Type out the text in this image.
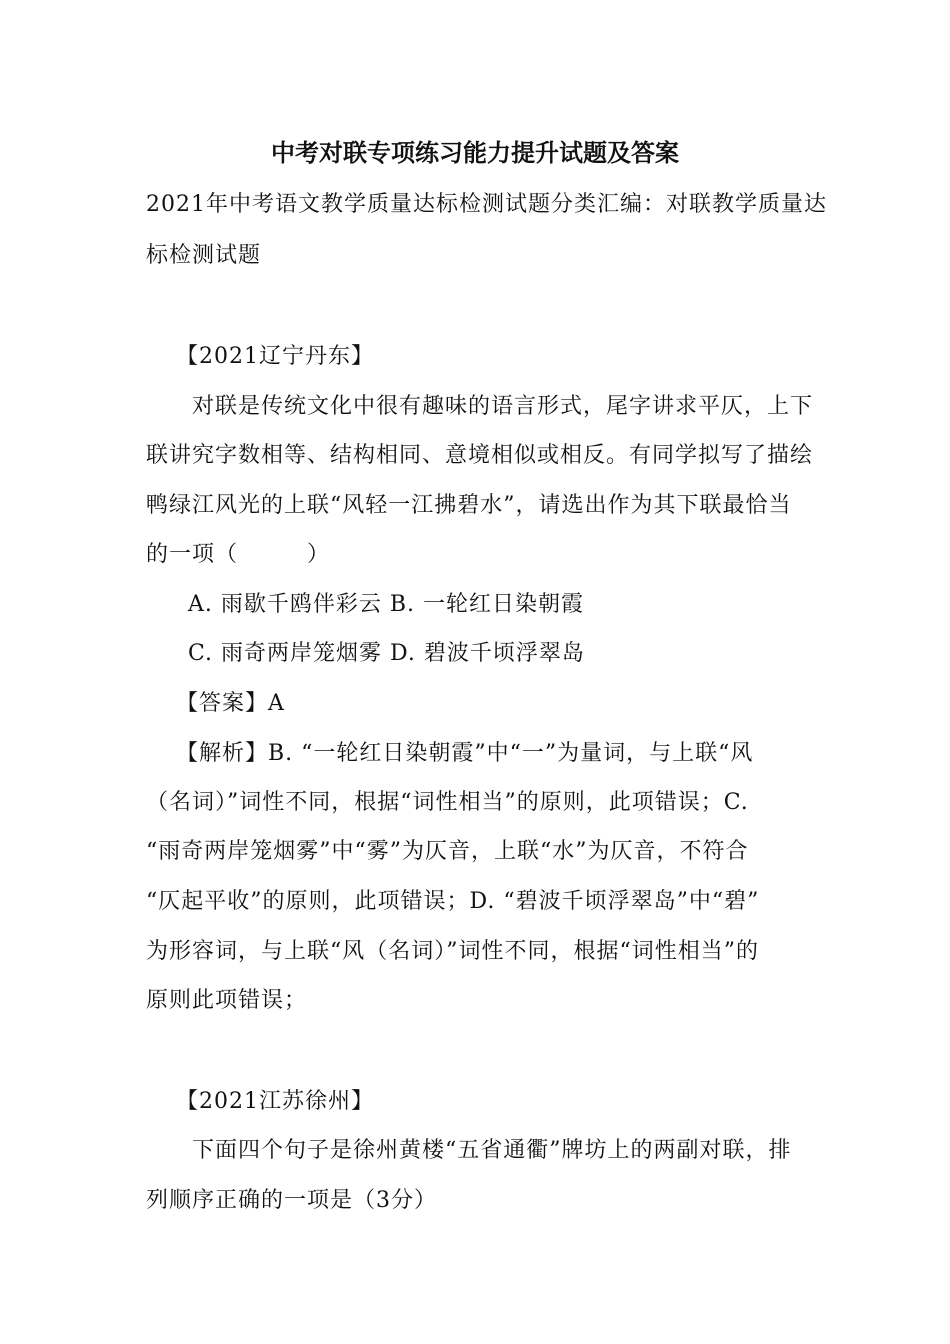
中考对联专项练习能力提升试题及答案
2021年中考语文教学质量达标检测试题分类汇编：对联教学质量达
标检测试题
【2021辽宁丹东】
对联是传统文化中很有趣味的语言形式，尾字讲求平仄，上下
联讲究字数相等、结构相同、意境相似或相反。有同学拟写了描绘
鸭绿江风光的上联“风轻一江拂碧水”，请选出作为其下联最恰当
的一项（　　　）
A. 雨歇千鸥伴彩云 B. 一轮红日染朝霞
C. 雨奇两岸笼烟雾 D. 碧波千顷浮翠岛
【答案】A
【解析】B. “一轮红日染朝霞”中“一”为量词，与上联“风
（名词）”词性不同，根据“词性相当”的原则，此项错误；C.
“雨奇两岸笼烟雾”中“雾”为仄音，上联“水”为仄音，不符合
“仄起平收”的原则，此项错误；D. “碧波千顷浮翠岛”中“碧”
为形容词，与上联“风（名词）”词性不同，根据“词性相当”的
原则此项错误；
【2021江苏徐州】
下面四个句子是徐州黄楼“五省通衢”牌坊上的两副对联，排
列顺序正确的一项是（3分）
